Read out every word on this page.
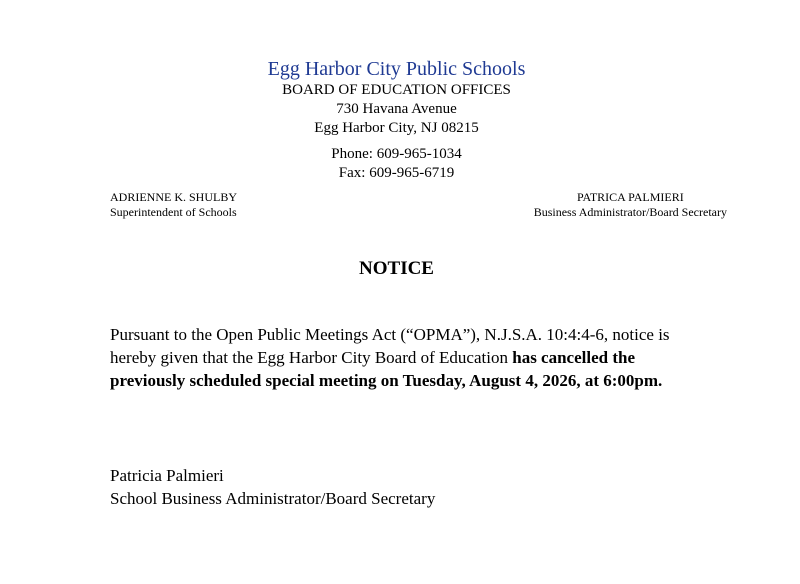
Egg Harbor City Public Schools
BOARD OF EDUCATION OFFICES
730 Havana Avenue
Egg Harbor City, NJ 08215
Phone: 609-965-1034
Fax: 609-965-6719
ADRIENNE K. SHULBY
Superintendent of Schools
PATRICA PALMIERI
Business Administrator/Board Secretary
NOTICE
Pursuant to the Open Public Meetings Act (“OPMA”), N.J.S.A. 10:4:4-6, notice is hereby given that the Egg Harbor City Board of Education has cancelled the previously scheduled special meeting on Tuesday, August 4, 2026, at 6:00pm.
Patricia Palmieri
School Business Administrator/Board Secretary
